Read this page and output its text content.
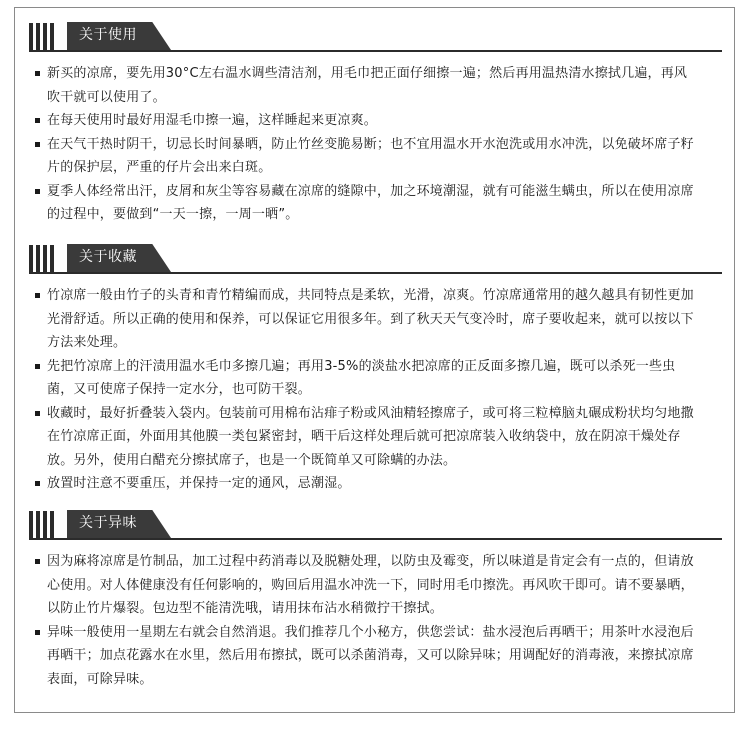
关于使用
新买的凉席，要先用30°C左右温水调些清洁剂，用毛巾把正面仔细擦一遍；然后再用温热清水擦拭几遍，再风吹干就可以使用了。
在每天使用时最好用湿毛巾擦一遍，这样睡起来更凉爽。
在天气干热时阴干，切忌长时间暴晒，防止竹丝变脆易断；也不宜用温水开水泡洗或用水冲洗，以免破坏席子籽片的保护层，严重的仔片会出来白斑。
夏季人体经常出汗，皮屑和灰尘等容易藏在凉席的缝隙中，加之环境潮湿，就有可能滋生螨虫，所以在使用凉席的过程中，要做到“一天一擦，一周一晒”。
关于收藏
竹凉席一般由竹子的头青和青竹精编而成，共同特点是柔软，光滑，凉爽。竹凉席通常用的越久越具有韧性更加光滑舒适。所以正确的使用和保养，可以保证它用很多年。到了秋天天气变冷时，席子要收起来，就可以按以下方法来处理。
先把竹凉席上的汗渍用温水毛巾多擦几遍；再用3-5%的淡盐水把凉席的正反面多擦几遍，既可以杀死一些虫菌，又可使席子保持一定水分，也可防干裂。
收藏时，最好折叠装入袋内。包装前可用棉布沾痱子粉或风油精轻擦席子，或可将三粒樟脑丸碾成粉状均匀地撒在竹凉席正面，外面用其他膜一类包紧密封，晒干后这样处理后就可把凉席装入收纳袋中，放在阴凉干燥处存放。另外，使用白醋充分擦拭席子，也是一个既简单又可除螨的办法。
放置时注意不要重压，并保持一定的通风，忌潮湿。
关于异味
因为麻将凉席是竹制品，加工过程中药消毒以及脱糖处理，以防虫及霉变，所以味道是肯定会有一点的，但请放心使用。对人体健康没有任何影响的，购回后用温水冲洗一下，同时用毛巾擦洗。再风吹干即可。请不要暴晒，以防止竹片爆裂。包边型不能清洗哦，请用抹布沾水稍微拧干擦拭。
异味一般使用一星期左右就会自然消退。我们推荐几个小秘方，供您尝试：盐水浸泡后再晒干；用茶叶水浸泡后再晒干；加点花露水在水里，然后用布擦拭，既可以杀菌消毒，又可以除异味；用调配好的消毒液，来擦拭凉席表面，可除异味。
